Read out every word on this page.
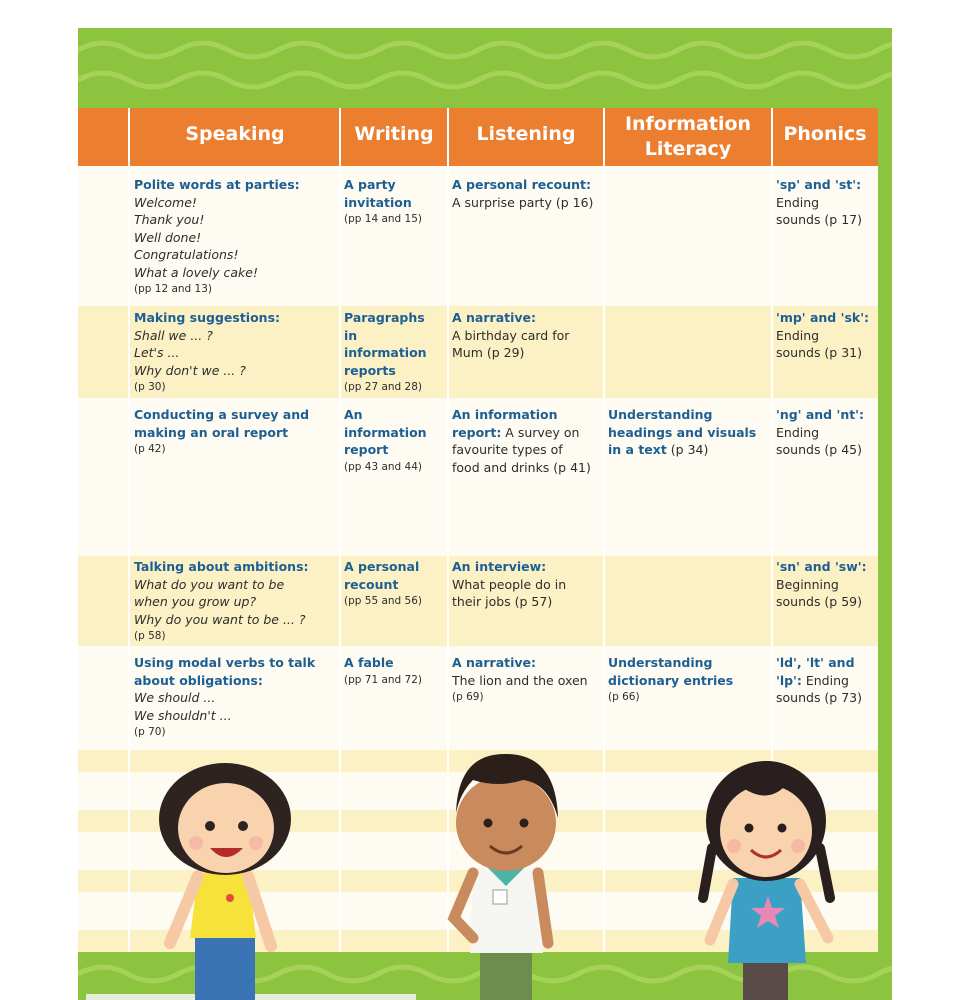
Speaking	Writing Listening	Information Literacy
Phonics
Polite words at parties:
Welcome!
Thank you!
Well done!
Congratulations!
What a lovely cake!
(pp 12 and 13)
A party
invitation
(pp 14 and 15)
A personal recount:
A surprise party (p 16)
'sp' and 'st':
Ending
sounds (p 17)
Making suggestions:
Shall we ... ?
Let's ...
Why don't we ... ?
(p 30)
Paragraphs
in
information
reports
(pp 27 and 28)
A narrative:
A birthday card for
Mum (p 29)
'mp' and 'sk':
Ending
sounds (p 31)
Conducting a survey and
making an oral report
(p 42)
An
information
report
(pp 43 and 44)
An information
report: A survey on
favourite types of
food and drinks (p 41)
Understanding
headings and visuals
in a text (p 34)
'ng' and 'nt':
Ending
sounds (p 45)
Talking about ambitions:
What do you want to be
when you grow up?
Why do you want to be ... ?
(p 58)
A personal
recount
(pp 55 and 56)
An interview:
What people do in
their jobs (p 57)
'sn' and 'sw':
Beginning
sounds (p 59)
Using modal verbs to talk
about obligations:
We should ...
We shouldn't ...
(p 70)
A fable
(pp 71 and 72)
A narrative:
The lion and the oxen
(p 69)
Understanding
dictionary entries
(p 66)
'ld', 'lt' and
'lp': Ending
sounds (p 73)
